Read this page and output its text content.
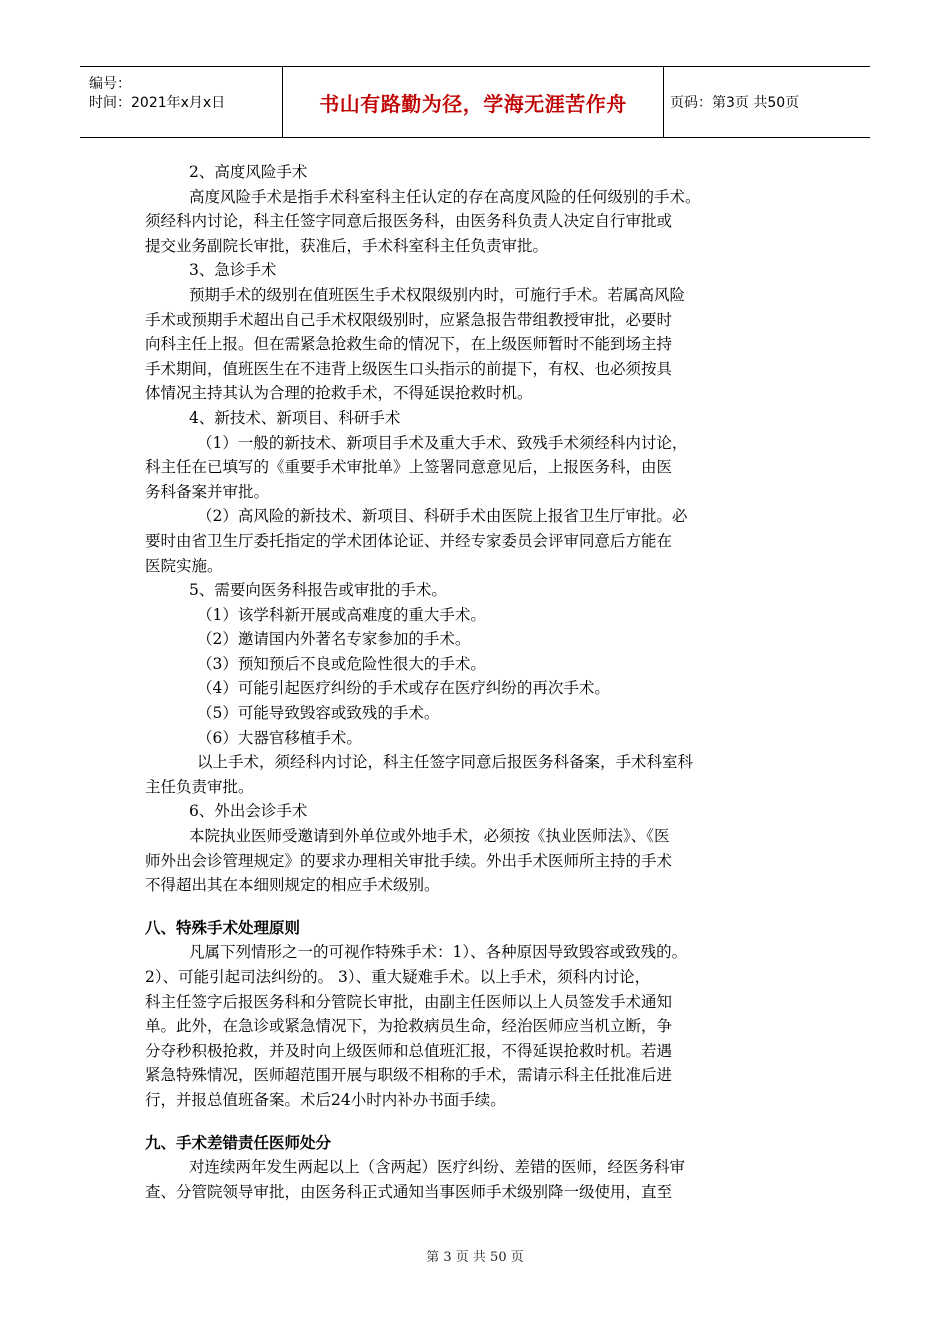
编号：
时间：2021年x月x日	书山有路勤为径，学海无涯苦作舟	页码：第3页 共50页
2、高度风险手术
高度风险手术是指手术科室科主任认定的存在高度风险的任何级别的手术。
须经科内讨论，科主任签字同意后报医务科，由医务科负责人决定自行审批或
提交业务副院长审批，获准后，手术科室科主任负责审批。
3、急诊手术
预期手术的级别在值班医生手术权限级别内时，可施行手术。若属高风险
手术或预期手术超出自己手术权限级别时，应紧急报告带组教授审批，必要时
向科主任上报。但在需紧急抢救生命的情况下，在上级医师暂时不能到场主持
手术期间，值班医生在不违背上级医生口头指示的前提下，有权、也必须按具
体情况主持其认为合理的抢救手术，不得延误抢救时机。
4、新技术、新项目、科研手术
（1）一般的新技术、新项目手术及重大手术、致残手术须经科内讨论，
科主任在已填写的《重要手术审批单》上签署同意意见后，上报医务科，由医
务科备案并审批。
（2）高风险的新技术、新项目、科研手术由医院上报省卫生厅审批。必
要时由省卫生厅委托指定的学术团体论证、并经专家委员会评审同意后方能在
医院实施。
5、需要向医务科报告或审批的手术。
（1）该学科新开展或高难度的重大手术。
（2）邀请国内外著名专家参加的手术。
（3）预知预后不良或危险性很大的手术。
（4）可能引起医疗纠纷的手术或存在医疗纠纷的再次手术。
（5）可能导致毁容或致残的手术。
（6）大器官移植手术。
以上手术，须经科内讨论，科主任签字同意后报医务科备案，手术科室科
主任负责审批。
6、外出会诊手术
本院执业医师受邀请到外单位或外地手术，必须按《执业医师法》、《医
师外出会诊管理规定》的要求办理相关审批手续。外出手术医师所主持的手术
不得超出其在本细则规定的相应手术级别。
八、特殊手术处理原则
凡属下列情形之一的可视作特殊手术：1）、各种原因导致毁容或致残的。
2）、可能引起司法纠纷的。 3）、重大疑难手术。以上手术，须科内讨论，
科主任签字后报医务科和分管院长审批，由副主任医师以上人员签发手术通知
单。此外，在急诊或紧急情况下，为抢救病员生命，经治医师应当机立断，争
分夺秒积极抢救，并及时向上级医师和总值班汇报，不得延误抢救时机。若遇
紧急特殊情况，医师超范围开展与职级不相称的手术，需请示科主任批准后进
行，并报总值班备案。术后24小时内补办书面手续。
九、手术差错责任医师处分
对连续两年发生两起以上（含两起）医疗纠纷、差错的医师，经医务科审
查、分管院领导审批，由医务科正式通知当事医师手术级别降一级使用，直至
第 3 页 共 50 页
